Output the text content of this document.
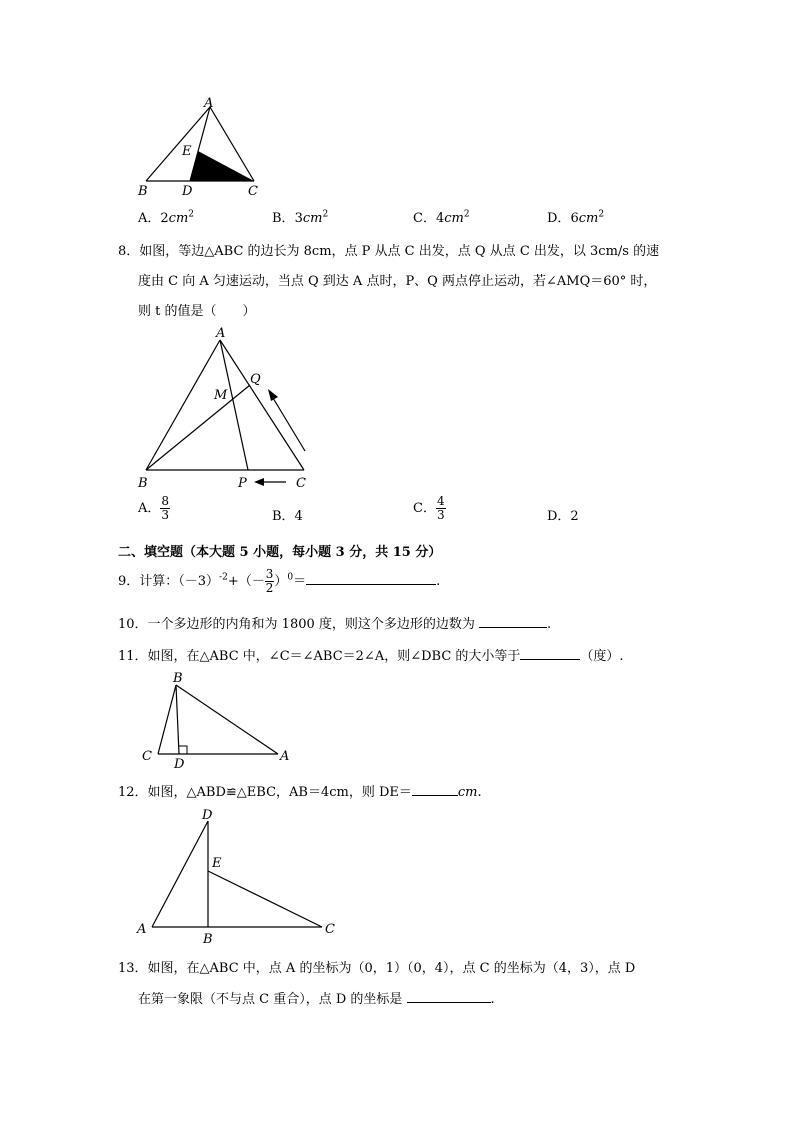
A
E
B	D	C
A．$2cm^2$	B．$3cm^2$	C．$4cm^2$	D．$6cm^2$
8．如图，等边△ABC 的边长为 8cm，点 P 从点 C 出发，点 Q 从点 C 出发，以 3cm/s 的速
度由 C 向 A 匀速运动，当点 Q 到达 A 点时，P、Q 两点停止运动，若∠AMQ＝60° 时，
则 t 的值是（　　）
A
Q
M
B	P	C
A． $\frac{8}{3}$	B．4
C． $\frac{4}{3}$	D．2
二、填空题（本大题 5 小题，每小题 3 分，共 15 分）
9．计算：$(-3)^{-2}+(- \frac{3}{2} )^0=$	.
10．一个多边形的内角和为 1800 度，则这个多边形的边数为	.
11．如图，在△ABC 中，∠C＝∠ABC＝2∠A，则∠DBC 的大小等于	（度）.
B
C
D
A
12．如图，△ABD≌△EBC，AB＝4cm，则 DE＝	cm.
D
E
A
B
C
13．如图，在△ABC 中，点 A 的坐标为（0，1）（0，4），点 C 的坐标为（4，3），点 D
在第一象限（不与点 C 重合），点 D 的坐标是	.
